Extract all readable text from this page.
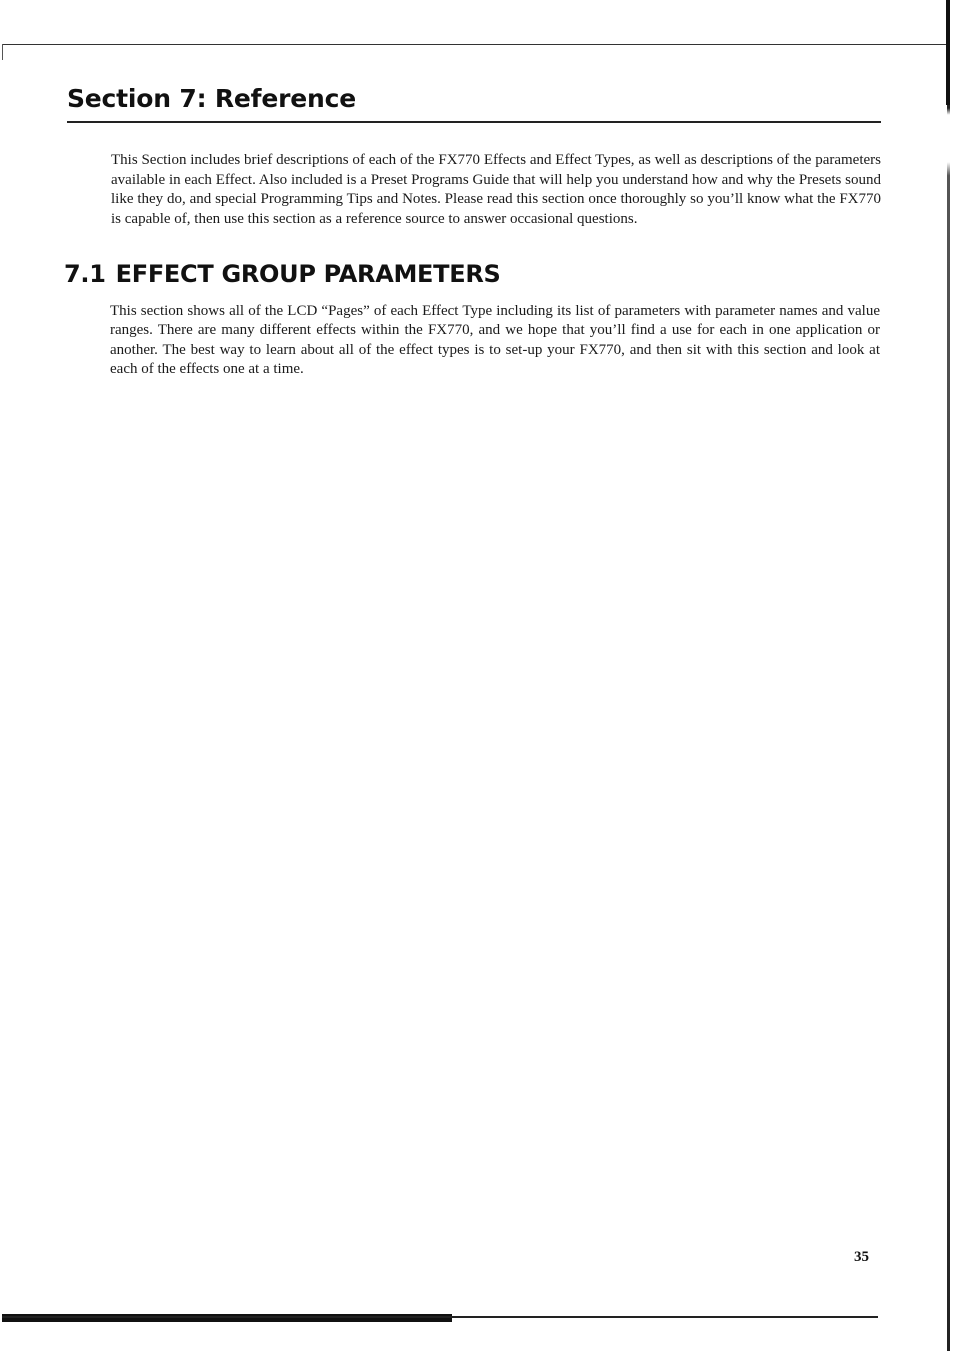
Section 7: Reference

This Section includes brief descriptions of each of the FX770 Effects and Effect Types, as well as descriptions of the parameters available in each Effect. Also included is a Preset Programs Guide that will help you understand how and why the Presets sound like they do, and special Programming Tips and Notes. Please read this section once thoroughly so you’ll know what the FX770 is capable of, then use this section as a reference source to answer occasional questions.

7.1 EFFECT GROUP PARAMETERS

This section shows all of the LCD “Pages” of each Effect Type including its list of parameters with parameter names and value ranges. There are many different effects within the FX770, and we hope that you’ll find a use for each in one application or another. The best way to learn about all of the effect types is to set-up your FX770, and then sit with this section and look at each of the effects one at a time.

35
